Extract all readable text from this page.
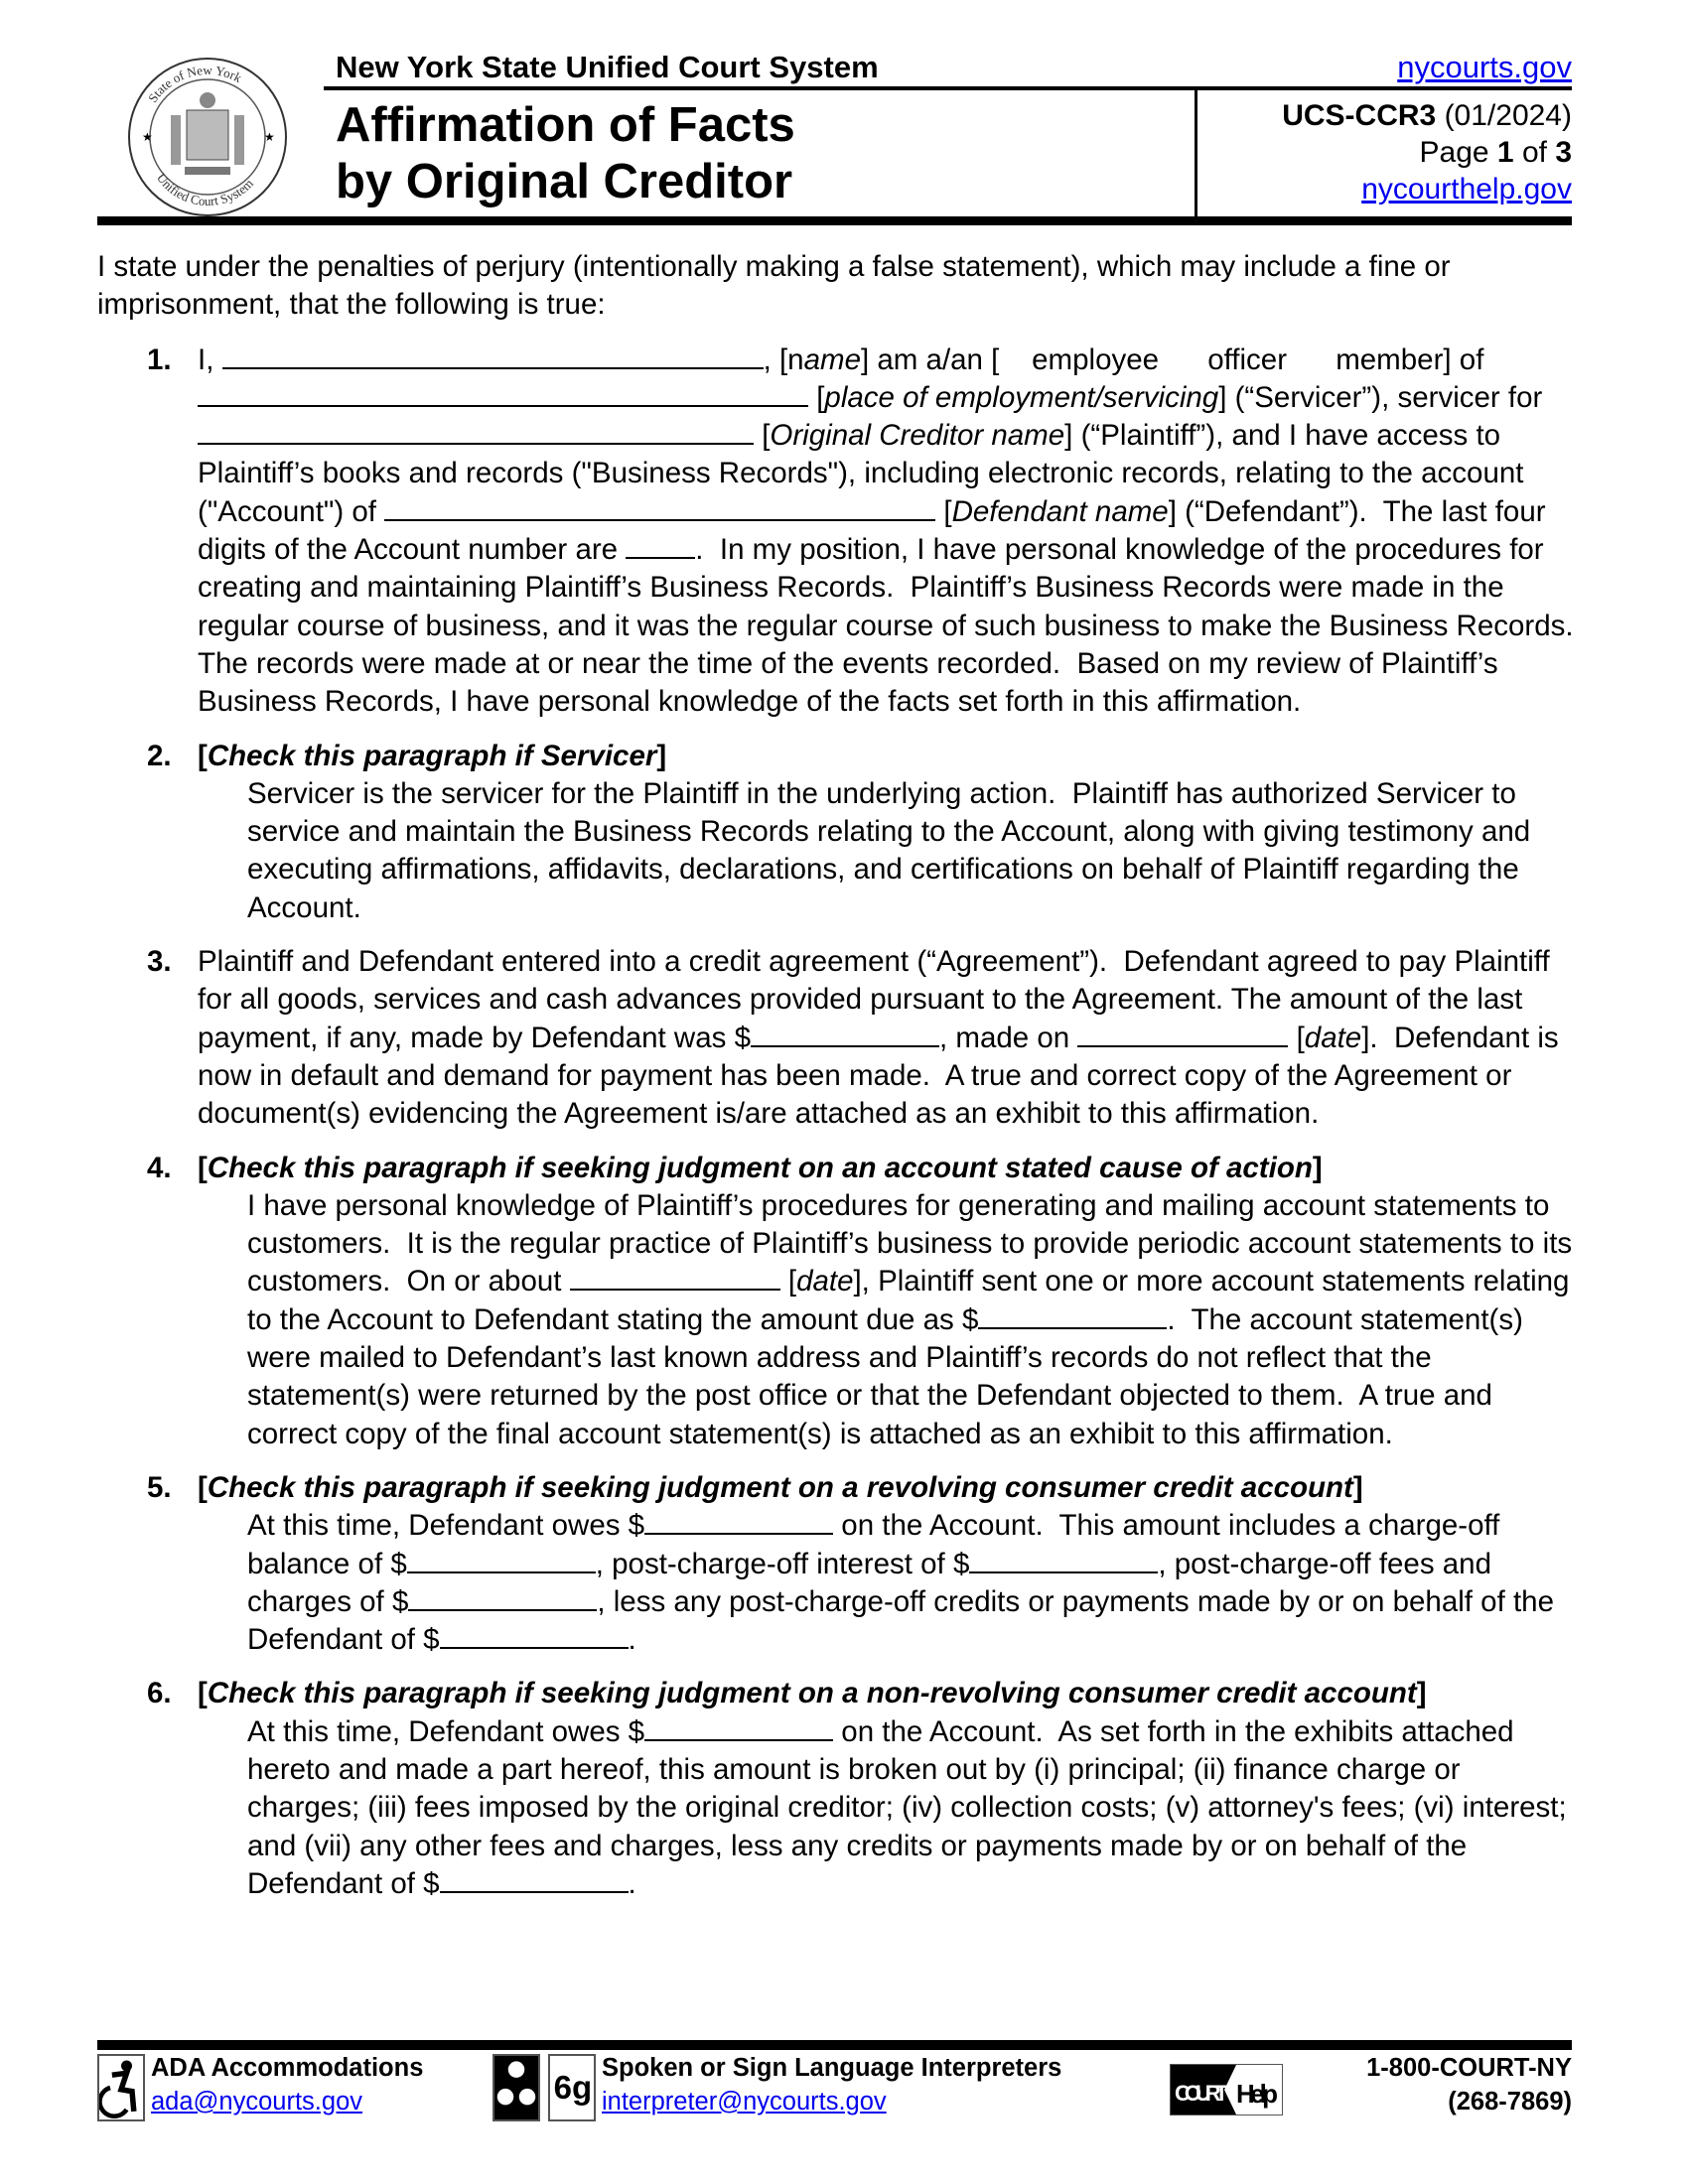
State of New York
Unified Court System
★	★
New York State Unified Court System	nycourts.gov
Affirmation of Facts
by Original Creditor
UCS-CCR3 (01/2024)
Page 1 of 3
nycourthelp.gov

I state under the penalties of perjury (intentionally making a false statement), which may include a fine or imprisonment, that the following is true:

1. I,	, [name] am a/an [    employee      officer      member] of  [place of employment/servicing] (“Servicer”), servicer for  [Original Creditor name] (“Plaintiff”), and I have access to Plaintiff’s books and records ("Business Records"), including electronic records, relating to the account ("Account") of	[Defendant name] (“Defendant”).  The last four digits of the Account number are .  In my position, I have personal knowledge of the procedures for creating and maintaining Plaintiff’s Business Records.  Plaintiff’s Business Records were made in the regular course of business, and it was the regular course of such business to make the Business Records.  The records were made at or near the time of the events recorded.  Based on my review of Plaintiff’s Business Records, I have personal knowledge of the facts set forth in this affirmation.
2. [Check this paragraph if Servicer]
Servicer is the servicer for the Plaintiff in the underlying action.  Plaintiff has authorized Servicer to service and maintain the Business Records relating to the Account, along with giving testimony and executing affirmations, affidavits, declarations, and certifications on behalf of Plaintiff regarding the Account.
3. Plaintiff and Defendant entered into a credit agreement (“Agreement”).  Defendant agreed to pay Plaintiff for all goods, services and cash advances provided pursuant to the Agreement. The amount of the last payment, if any, made by Defendant was $	, made on	[date].  Defendant is now in default and demand for payment has been made.  A true and correct copy of the Agreement or document(s) evidencing the Agreement is/are attached as an exhibit to this affirmation.
4. [Check this paragraph if seeking judgment on an account stated cause of action]
I have personal knowledge of Plaintiff’s procedures for generating and mailing account statements to customers.  It is the regular practice of Plaintiff’s business to provide periodic account statements to its customers.  On or about	[date], Plaintiff sent one or more account statements relating to the Account to Defendant stating the amount due as $	.  The account statement(s) were mailed to Defendant’s last known address and Plaintiff’s records do not reflect that the statement(s) were returned by the post office or that the Defendant objected to them.  A true and correct copy of the final account statement(s) is attached as an exhibit to this affirmation.
5. [Check this paragraph if seeking judgment on a revolving consumer credit account]
At this time, Defendant owes $	on the Account.  This amount includes a charge-off balance of $	, post-charge-off interest of $	, post-charge-off fees and charges of $	, less any post-charge-off credits or payments made by or on behalf of the Defendant of $	.
6. [Check this paragraph if seeking judgment on a non-revolving consumer credit account]
At this time, Defendant owes $	on the Account.  As set forth in the exhibits attached hereto and made a part hereof, this amount is broken out by (i) principal; (ii) finance charge or charges; (iii) fees imposed by the original creditor; (iv) collection costs; (v) attorney's fees; (vi) interest; and (vii) any other fees and charges, less any credits or payments made by or on behalf of the Defendant of $	.
ADA Accommodations
ada@nycourts.gov	6g
Spoken or Sign Language Interpreters
interpreter@nycourts.gov	COURT Help
1-800-COURT-NY
(268-7869)
